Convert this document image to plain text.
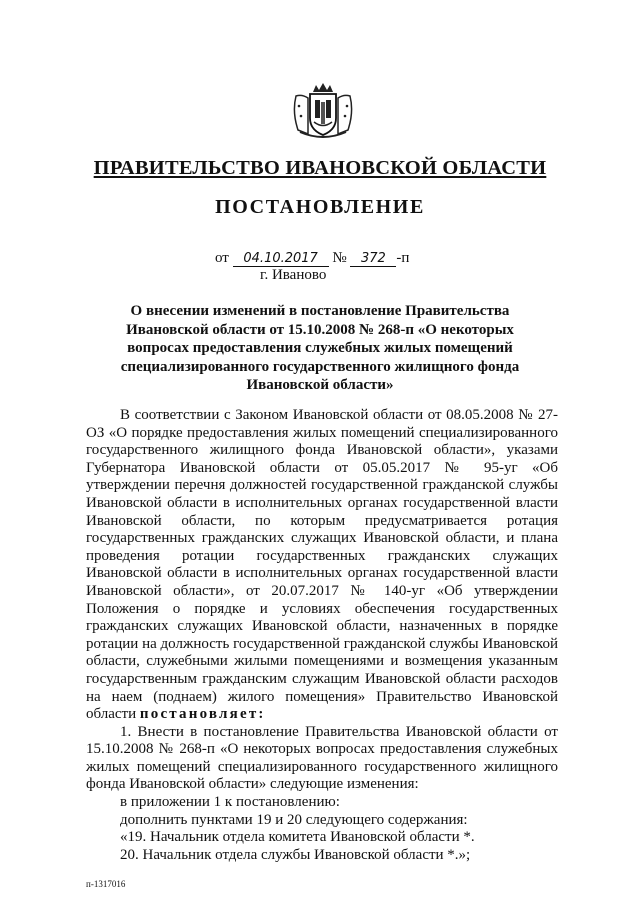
ПРАВИТЕЛЬСТВО ИВАНОВСКОЙ ОБЛАСТИ
ПОСТАНОВЛЕНИЕ
от 04.10.2017 № 372 -п
г. Иваново
О внесении изменений в постановление Правительства Ивановской области от 15.10.2008 № 268-п «О некоторых вопросах предоставления служебных жилых помещений специализированного государственного жилищного фонда Ивановской области»

В соответствии с Законом Ивановской области от 08.05.2008 № 27-ОЗ «О порядке предоставления жилых помещений специализированного государственного жилищного фонда Ивановской области», указами Губернатора Ивановской области от 05.05.2017 № 95-уг «Об утверждении перечня должностей государственной гражданской службы Ивановской области в исполнительных органах государственной власти Ивановской области, по которым предусматривается ротация государственных гражданских служащих Ивановской области, и плана проведения ротации государственных гражданских служащих Ивановской области в исполнительных органах государственной власти Ивановской области», от 20.07.2017 № 140-уг «Об утверждении Положения о порядке и условиях обеспечения государственных гражданских служащих Ивановской области, назначенных в порядке ротации на должность государственной гражданской службы Ивановской области, служебными жилыми помещениями и возмещения указанным государственным гражданским служащим Ивановской области расходов на наем (поднаем) жилого помещения» Правительство Ивановской области постановляет:

1. Внести в постановление Правительства Ивановской области от 15.10.2008 № 268-п «О некоторых вопросах предоставления служебных жилых помещений специализированного государственного жилищного фонда Ивановской области» следующие изменения:

в приложении 1 к постановлению:

дополнить пунктами 19 и 20 следующего содержания:

«19. Начальник отдела комитета Ивановской области *.

20. Начальник отдела службы Ивановской области *.»;

п-1317016
